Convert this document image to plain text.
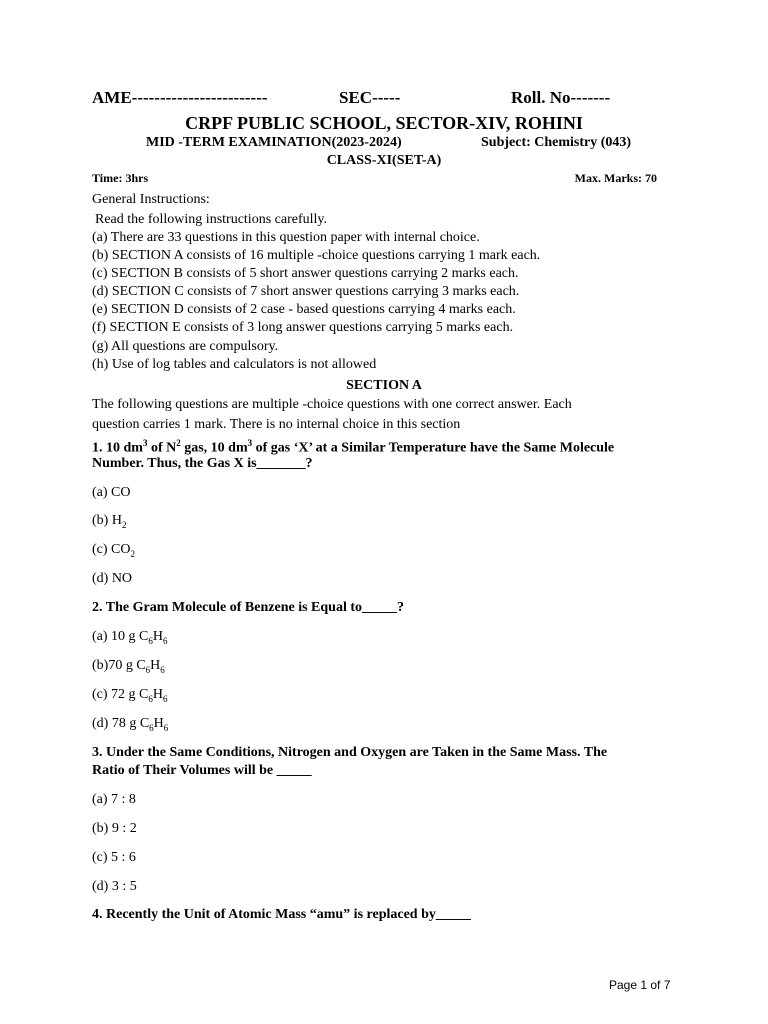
AME------------------------	SEC-----	Roll. No-------
CRPF PUBLIC SCHOOL, SECTOR-XIV, ROHINI
MID -TERM EXAMINATION(2023-2024)	Subject: Chemistry (043)
CLASS-XI(SET-A)
Time: 3hrs	Max. Marks: 70
General Instructions:
Read the following instructions carefully.
(a) There are 33 questions in this question paper with internal choice.
(b) SECTION A consists of 16 multiple -choice questions carrying 1 mark each.
(c) SECTION B consists of 5 short answer questions carrying 2 marks each.
(d) SECTION C consists of 7 short answer questions carrying 3 marks each.
(e) SECTION D consists of 2 case - based questions carrying 4 marks each.
(f) SECTION E consists of 3 long answer questions carrying 5 marks each.
(g) All questions are compulsory.
(h) Use of log tables and calculators is not allowed
SECTION A
The following questions are multiple -choice questions with one correct answer. Each
question carries 1 mark. There is no internal choice in this section
1. 10 $dm^3$ of $N^2$ gas, 10 $dm^3$ of gas ‘X’ at a Similar Temperature have the Same Molecule
Number. Thus, the Gas X is_______?
(a) CO
(b) $H_2$
(c) $CO_2$
(d) NO
2. The Gram Molecule of Benzene is Equal to_____?
(a) 10 g $C_6H_6$
(b)70 g $C_6H_6$
(c) 72 g $C_6H_6$
(d) 78 g $C_6H_6$
3. Under the Same Conditions, Nitrogen and Oxygen are Taken in the Same Mass. The
Ratio of Their Volumes will be _____
(a) 7 : 8
(b) 9 : 2
(c) 5 : 6
(d) 3 : 5
4. Recently the Unit of Atomic Mass “amu” is replaced by_____
Page 1 of 7
